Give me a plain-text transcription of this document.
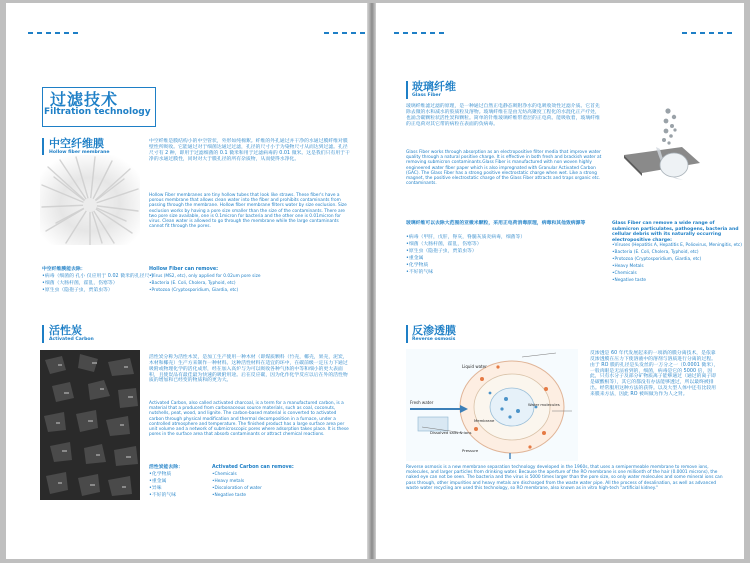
过滤技术
Filtration technology
中空纤维膜
Hollow fiber membrane
中空纤维是膜结构小的中空管状，外形如纯棉絮。纤维的外孔通过并干净的水通过膜纤维对膜壁性所吸收。它能通过对于细菌达通过过滤，孔径的尺寸小于为染物尺寸从而达到过滤。孔径尺寸有 2 种，即用于过滤细菌的 0.1 微米和用于过滤病毒的 0.01 微米。这是我们只有用于干净的水通过膜性，同时对大于膜孔径的所有杂质物，从而使得水净化。
Hollow Fiber membranes are tiny hollow tubes that look like straws. These fiber's have a porous membrane that allows clean water into the fiber and prohibits contaminants from passing through the membrane. Hollow fiber membrane filters water by size exclusion. Size exclusion works by having a pore size smaller than the size of the contaminants. There are two pore size available, one is 0.1micron for bacteria and the other one is 0.01micron for virus. Clean water is allowed to go through the membrane while the large contaminants cannot fit through the pores.
中空纤维膜能去除：
•病毒（细菌的 孔小 仅应用于 0.02 微米的孔径尺寸
•细菌（大肠杆菌，霍乱，伤寒等）
•原生虫（隐孢子虫，贾第虫等）
Hollow Fiber can remove:
•Virus (MS2, etc), only applied for 0.02um pore size
•Bacteria (E. Coli, Cholera, Typhoid, etc)
•Protozoa (Cryptosporidium, Giardia, etc)
活性炭
Activated Carbon
活性炭分称为活性木炭，是加工生产使用一种木材（即煤质颗料（竹壳，椰壳，果壳，泥炭，木材和椰壳）生产方来制作一种材料。这种活性材料在适宜的环中，在碳前级一定压力下通过吸附或物理化学的活化成形，经在加入高炉与为可以吸收各种气体的中等和细小的更大表面积，且使炭品有最佳最为快速的吸附用途。后在反应碳，因为化作化学反应以后在外的活性物质的增加和已经变的物质和的更为大。
Activated Carbon, also called activated charcoal, is a term for a manufactured carbon, is a material that a produced from carbonaceous source materials, such as coal, coconuts, nutshells, peat, wood, and lignite. The carbon-based material is converted to activated carbon through physical modification and thermal decomposition in a furnace, under a controlled atmosphere and temperature. The finished product has a large surface area per unit volume and a network of submicroscopic pores where adsorption takes place. It is these pores in the surface area that absorb contaminants or attract chemical reactions.
活性炭能去除：
•化学物质
•重金属
•异味
•不好的气味
Activated Carbon can remove:
•Chemicals
•Heavy metals
•Discoloration of water
•Negative taste
玻璃纤维
Glass Fiber
玻璃纤维滤过滤的原理，是一种通过自然正电静态吸附净水的电吸收效性过滤介质。它首先除去微的水和减水的胶质粒及溶物。玻璃纤维在是由无纺高聚度工程化的水混化正产疗处，也涌含碳颗粒状活性炭和颗粒。简单的针维玻璃纤维带着层的正电荷。能吸收着，玻璃纤维的正电荷对其它带的病粒在表面的负病毒。
Glass Fiber works through absorption as an electropositive filter media that improve water quality through a natural positive charge. It is effective in both fresh and brackish water at removing submicron contaminants.Glass Fiber is manufactured with non woven highly engineered water fiber paper which is also impregnated with Granular Activated Carbon (GAC). The Glass Fiber has a strong positive electrostatic charge when wet. Like a strong magnet, the positive electrostatic charge of the Glass Fiber attracts and traps organic etc. contaminants.
玻璃纤维可以去除大范围的亚微米颗粒，采用正电荷消毒原理，病毒和其他致病源等
•病毒（甲肝，戊肝，脊灰，脊髓灰质炎病毒，细菌等）
•细菌（大肠杆菌，霍乱，伤寒等）
•原生虫（隐孢子虫，贾第虫等）
•重金属
•化学物质
•不好的气味
Glass Fiber can remove a wide range of submicron particulates, pathogens, bacteria and cellular debris with its naturally occurring electropositive charge:
•Viruses (Hepatitis A, Hepatitis E, Poliovirus, Meningitis, etc)
•Bacteria (E. Coli, Cholera, Typhoid, etc)
•Protozoa (Cryptosporidium, Giardia, etc)
•Heavy Metals
•Chemicals
•Negative taste
反渗透膜
Reverse osmosis
Liquid water
Fresh water	Water molecules
Dissolved salts & ions
Membrane
Pressure
反渗透是 60 年代发展起来的一项新的膜分离技术，是依靠反渗透膜在压力下使溶液中的溶剂与溶质进行分离的过程。由于 RO 膜的孔径是头发丝的一万分之一（0.0001 微米），一般肉眼是无法看到的，细菌，病毒是它的 5000 倍，因此，只有水分子及部分矿物质离子能够通过（通过的离子即是碳酸根等），其它的都没有办法能够透过，所以最终被排出。经常服用这种方法的获得。以及大型人体中还有比较用来膜来方法，因此 RO 被叫做为作为人之肾。
Reverse osmosis is a new membrane separation technology developed in the 1960s, that uses a semipermeable membrane to remove ions, molecules, and larger particles from drinking water. Because the aperture of the RO membrane is one millionth of the hair (0.0001 microns), the naked eye can not be seen. The bacteria and the virus is 5000 times larger than the pore size, so only water molecules and some mineral ions can pass through, other impurities and heavy metals are discharged from the waste water pipe. All the process of desalination, as well as advanced waste water recycling are used this technology, so RO membrane, also known as in vitro high-tech "artificial kidney."
